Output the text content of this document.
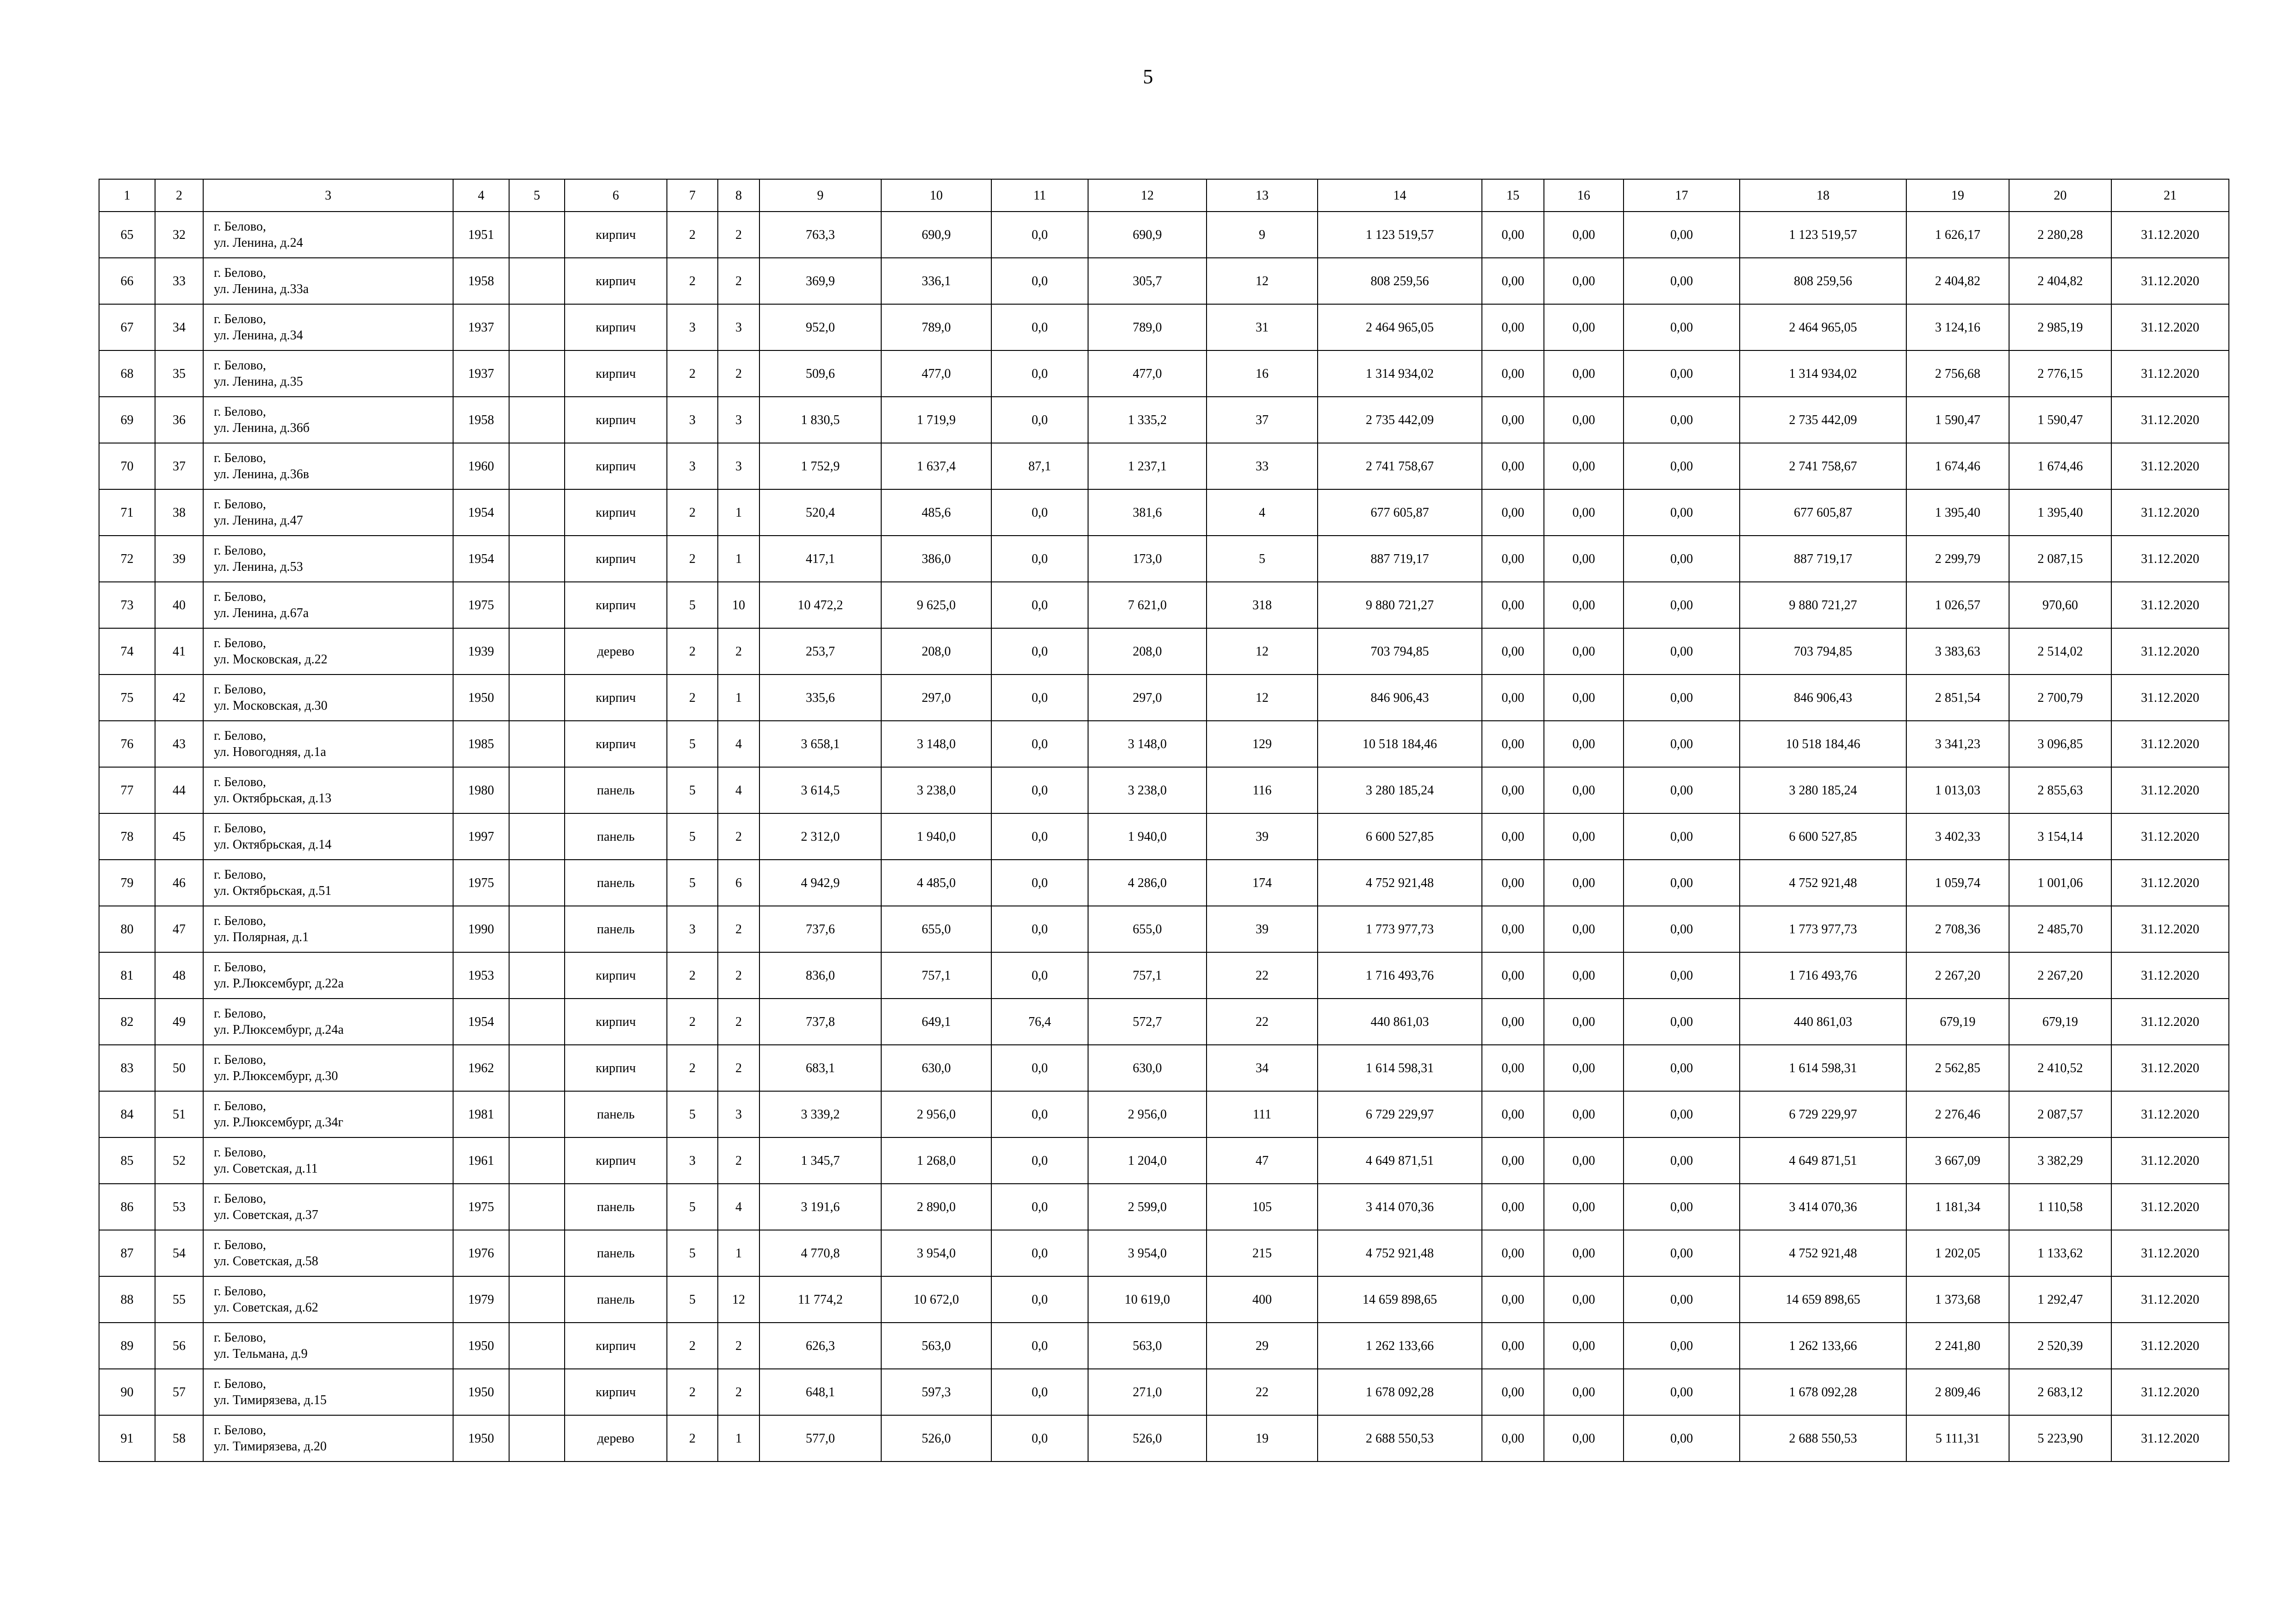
5
1	2	3	4	5	6	7	8	9	10	11	12	13	14	15	16	17	18	19	20	21
65	32	г. Белово,
ул. Ленина, д.24	1951		кирпич	2	2	763,3	690,9	0,0	690,9	9	1 123 519,57	0,00	0,00	0,00	1 123 519,57	1 626,17	2 280,28	31.12.2020
66	33	г. Белово,
ул. Ленина, д.33а	1958		кирпич	2	2	369,9	336,1	0,0	305,7	12	808 259,56	0,00	0,00	0,00	808 259,56	2 404,82	2 404,82	31.12.2020
67	34	г. Белово,
ул. Ленина, д.34	1937		кирпич	3	3	952,0	789,0	0,0	789,0	31	2 464 965,05	0,00	0,00	0,00	2 464 965,05	3 124,16	2 985,19	31.12.2020
68	35	г. Белово,
ул. Ленина, д.35	1937		кирпич	2	2	509,6	477,0	0,0	477,0	16	1 314 934,02	0,00	0,00	0,00	1 314 934,02	2 756,68	2 776,15	31.12.2020
69	36	г. Белово,
ул. Ленина, д.36б	1958		кирпич	3	3	1 830,5	1 719,9	0,0	1 335,2	37	2 735 442,09	0,00	0,00	0,00	2 735 442,09	1 590,47	1 590,47	31.12.2020
70	37	г. Белово,
ул. Ленина, д.36в	1960		кирпич	3	3	1 752,9	1 637,4	87,1	1 237,1	33	2 741 758,67	0,00	0,00	0,00	2 741 758,67	1 674,46	1 674,46	31.12.2020
71	38	г. Белово,
ул. Ленина, д.47	1954		кирпич	2	1	520,4	485,6	0,0	381,6	4	677 605,87	0,00	0,00	0,00	677 605,87	1 395,40	1 395,40	31.12.2020
72	39	г. Белово,
ул. Ленина, д.53	1954		кирпич	2	1	417,1	386,0	0,0	173,0	5	887 719,17	0,00	0,00	0,00	887 719,17	2 299,79	2 087,15	31.12.2020
73	40	г. Белово,
ул. Ленина, д.67а	1975		кирпич	5	10	10 472,2	9 625,0	0,0	7 621,0	318	9 880 721,27	0,00	0,00	0,00	9 880 721,27	1 026,57	970,60	31.12.2020
74	41	г. Белово,
ул. Московская, д.22	1939		дерево	2	2	253,7	208,0	0,0	208,0	12	703 794,85	0,00	0,00	0,00	703 794,85	3 383,63	2 514,02	31.12.2020
75	42	г. Белово,
ул. Московская, д.30	1950		кирпич	2	1	335,6	297,0	0,0	297,0	12	846 906,43	0,00	0,00	0,00	846 906,43	2 851,54	2 700,79	31.12.2020
76	43	г. Белово,
ул. Новогодняя, д.1а	1985		кирпич	5	4	3 658,1	3 148,0	0,0	3 148,0	129	10 518 184,46	0,00	0,00	0,00	10 518 184,46	3 341,23	3 096,85	31.12.2020
77	44	г. Белово,
ул. Октябрьская, д.13	1980		панель	5	4	3 614,5	3 238,0	0,0	3 238,0	116	3 280 185,24	0,00	0,00	0,00	3 280 185,24	1 013,03	2 855,63	31.12.2020
78	45	г. Белово,
ул. Октябрьская, д.14	1997		панель	5	2	2 312,0	1 940,0	0,0	1 940,0	39	6 600 527,85	0,00	0,00	0,00	6 600 527,85	3 402,33	3 154,14	31.12.2020
79	46	г. Белово,
ул. Октябрьская, д.51	1975		панель	5	6	4 942,9	4 485,0	0,0	4 286,0	174	4 752 921,48	0,00	0,00	0,00	4 752 921,48	1 059,74	1 001,06	31.12.2020
80	47	г. Белово,
ул. Полярная, д.1	1990		панель	3	2	737,6	655,0	0,0	655,0	39	1 773 977,73	0,00	0,00	0,00	1 773 977,73	2 708,36	2 485,70	31.12.2020
81	48	г. Белово,
ул. Р.Люксембург, д.22а	1953		кирпич	2	2	836,0	757,1	0,0	757,1	22	1 716 493,76	0,00	0,00	0,00	1 716 493,76	2 267,20	2 267,20	31.12.2020
82	49	г. Белово,
ул. Р.Люксембург, д.24а	1954		кирпич	2	2	737,8	649,1	76,4	572,7	22	440 861,03	0,00	0,00	0,00	440 861,03	679,19	679,19	31.12.2020
83	50	г. Белово,
ул. Р.Люксембург, д.30	1962		кирпич	2	2	683,1	630,0	0,0	630,0	34	1 614 598,31	0,00	0,00	0,00	1 614 598,31	2 562,85	2 410,52	31.12.2020
84	51	г. Белово,
ул. Р.Люксембург, д.34г	1981		панель	5	3	3 339,2	2 956,0	0,0	2 956,0	111	6 729 229,97	0,00	0,00	0,00	6 729 229,97	2 276,46	2 087,57	31.12.2020
85	52	г. Белово,
ул. Советская, д.11	1961		кирпич	3	2	1 345,7	1 268,0	0,0	1 204,0	47	4 649 871,51	0,00	0,00	0,00	4 649 871,51	3 667,09	3 382,29	31.12.2020
86	53	г. Белово,
ул. Советская, д.37	1975		панель	5	4	3 191,6	2 890,0	0,0	2 599,0	105	3 414 070,36	0,00	0,00	0,00	3 414 070,36	1 181,34	1 110,58	31.12.2020
87	54	г. Белово,
ул. Советская, д.58	1976		панель	5	1	4 770,8	3 954,0	0,0	3 954,0	215	4 752 921,48	0,00	0,00	0,00	4 752 921,48	1 202,05	1 133,62	31.12.2020
88	55	г. Белово,
ул. Советская, д.62	1979		панель	5	12	11 774,2	10 672,0	0,0	10 619,0	400	14 659 898,65	0,00	0,00	0,00	14 659 898,65	1 373,68	1 292,47	31.12.2020
89	56	г. Белово,
ул. Тельмана, д.9	1950		кирпич	2	2	626,3	563,0	0,0	563,0	29	1 262 133,66	0,00	0,00	0,00	1 262 133,66	2 241,80	2 520,39	31.12.2020
90	57	г. Белово,
ул. Тимирязева, д.15	1950		кирпич	2	2	648,1	597,3	0,0	271,0	22	1 678 092,28	0,00	0,00	0,00	1 678 092,28	2 809,46	2 683,12	31.12.2020
91	58	г. Белово,
ул. Тимирязева, д.20	1950		дерево	2	1	577,0	526,0	0,0	526,0	19	2 688 550,53	0,00	0,00	0,00	2 688 550,53	5 111,31	5 223,90	31.12.2020
